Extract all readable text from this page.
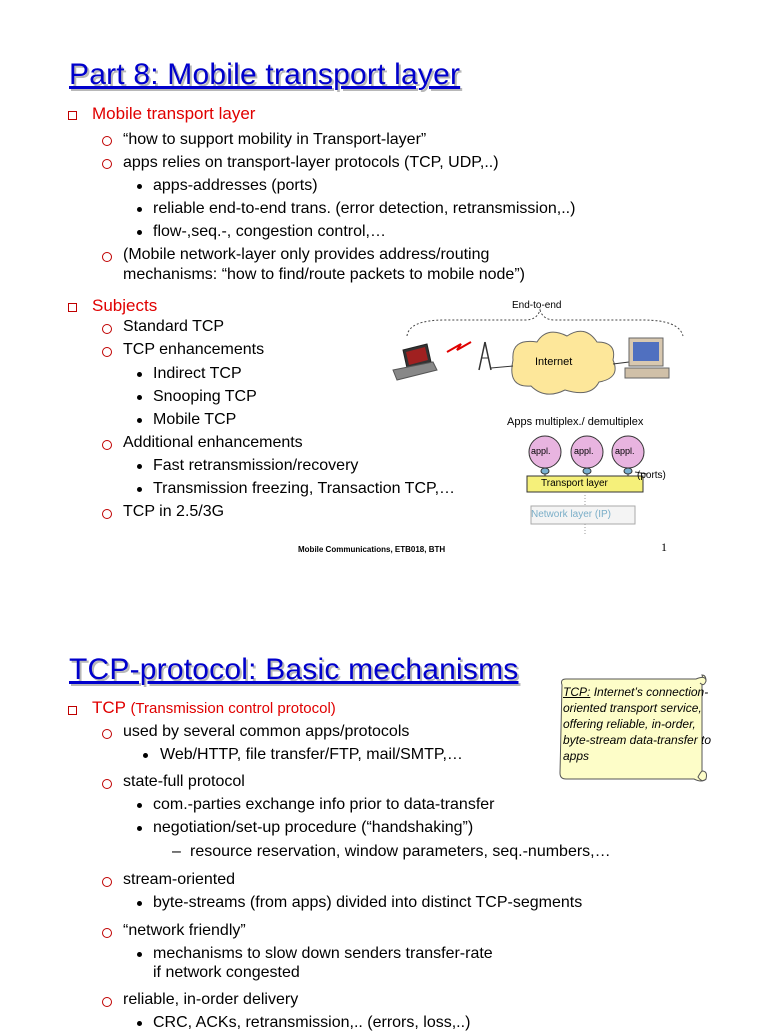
Part 8: Mobile transport layer
Mobile transport layer
“how to support mobility in Transport-layer”
apps relies on transport-layer protocols (TCP, UDP,..)
apps-addresses (ports)
reliable end-to-end trans. (error detection, retransmission,..)
flow-,seq.-, congestion control,…
(Mobile network-layer only provides address/routing
mechanisms: “how to find/route packets to mobile node”)
Subjects
Standard TCP
TCP enhancements
Indirect TCP
Snooping TCP
Mobile TCP
Additional enhancements
Fast retransmission/recovery
Transmission freezing, Transaction TCP,…
TCP in 2.5/3G
End-to-end
Internet
Apps multiplex./ demultiplex
appl.	appl. appl.
Transport layer
(ports)
Network layer (IP)
Mobile Communications, ETB018, BTH	1
TCP-protocol: Basic mechanisms
TCP: Internet’s connection-oriented transport service, offering reliable, in-order, byte-stream data-transfer to apps
TCP (Transmission control protocol)
used by several common apps/protocols
Web/HTTP, file transfer/FTP, mail/SMTP,…
state-full protocol
com.-parties exchange info prior to data-transfer
negotiation/set-up procedure (“handshaking”)
– resource reservation, window parameters, seq.-numbers,…
stream-oriented
byte-streams (from apps) divided into distinct TCP-segments
“network friendly”
mechanisms to slow down senders transfer-rate
if network congested
reliable, in-order delivery
CRC, ACKs, retransmission,.. (errors, loss,..)
